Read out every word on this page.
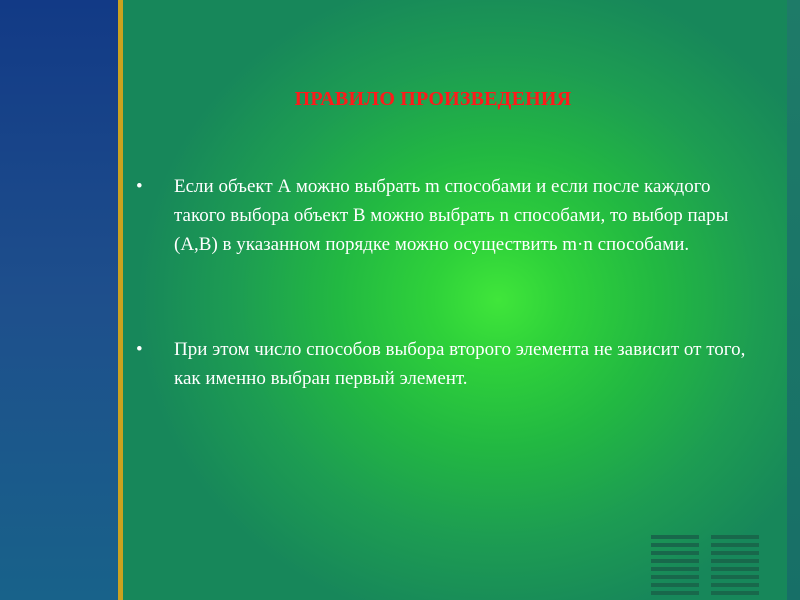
ПРАВИЛО ПРОИЗВЕДЕНИЯ
•	Если объект А можно выбрать m способами и если после каждого такого выбора объект В можно выбрать n способами, то выбор пары (А,В) в указанном порядке можно осуществить m·n способами.
•	При этом число способов выбора второго элемента не зависит от того, как именно выбран первый элемент.
